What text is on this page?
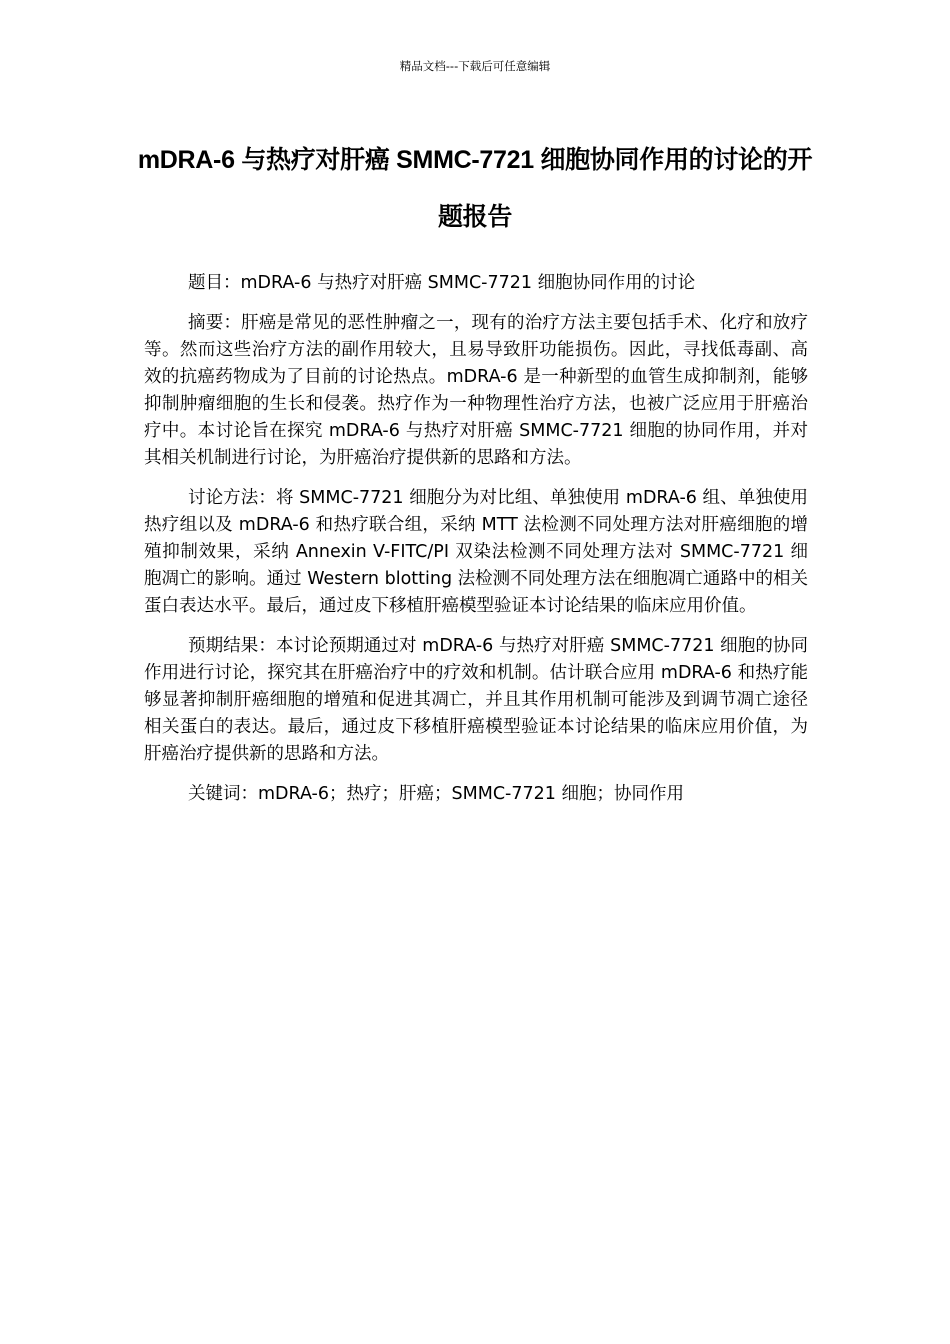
精品文档---下载后可任意编辑
mDRA-6 与热疗对肝癌 SMMC-7721 细胞协同作用的讨论的开题报告

题目：mDRA-6 与热疗对肝癌 SMMC-7721 细胞协同作用的讨论

摘要：肝癌是常见的恶性肿瘤之一，现有的治疗方法主要包括手术、化疗和放疗等。然而这些治疗方法的副作用较大，且易导致肝功能损伤。因此，寻找低毒副、高效的抗癌药物成为了目前的讨论热点。mDRA-6 是一种新型的血管生成抑制剂，能够抑制肿瘤细胞的生长和侵袭。热疗作为一种物理性治疗方法，也被广泛应用于肝癌治疗中。本讨论旨在探究 mDRA-6 与热疗对肝癌 SMMC-7721 细胞的协同作用，并对其相关机制进行讨论，为肝癌治疗提供新的思路和方法。

讨论方法：将 SMMC-7721 细胞分为对比组、单独使用 mDRA-6 组、单独使用热疗组以及 mDRA-6 和热疗联合组，采纳 MTT 法检测不同处理方法对肝癌细胞的增殖抑制效果，采纳 Annexin V-FITC/PI 双染法检测不同处理方法对 SMMC-7721 细胞凋亡的影响。通过 Western blotting 法检测不同处理方法在细胞凋亡通路中的相关蛋白表达水平。最后，通过皮下移植肝癌模型验证本讨论结果的临床应用价值。

预期结果：本讨论预期通过对 mDRA-6 与热疗对肝癌 SMMC-7721 细胞的协同作用进行讨论，探究其在肝癌治疗中的疗效和机制。估计联合应用 mDRA-6 和热疗能够显著抑制肝癌细胞的增殖和促进其凋亡，并且其作用机制可能涉及到调节凋亡途径相关蛋白的表达。最后，通过皮下移植肝癌模型验证本讨论结果的临床应用价值，为肝癌治疗提供新的思路和方法。

关键词：mDRA-6；热疗；肝癌；SMMC-7721 细胞；协同作用
